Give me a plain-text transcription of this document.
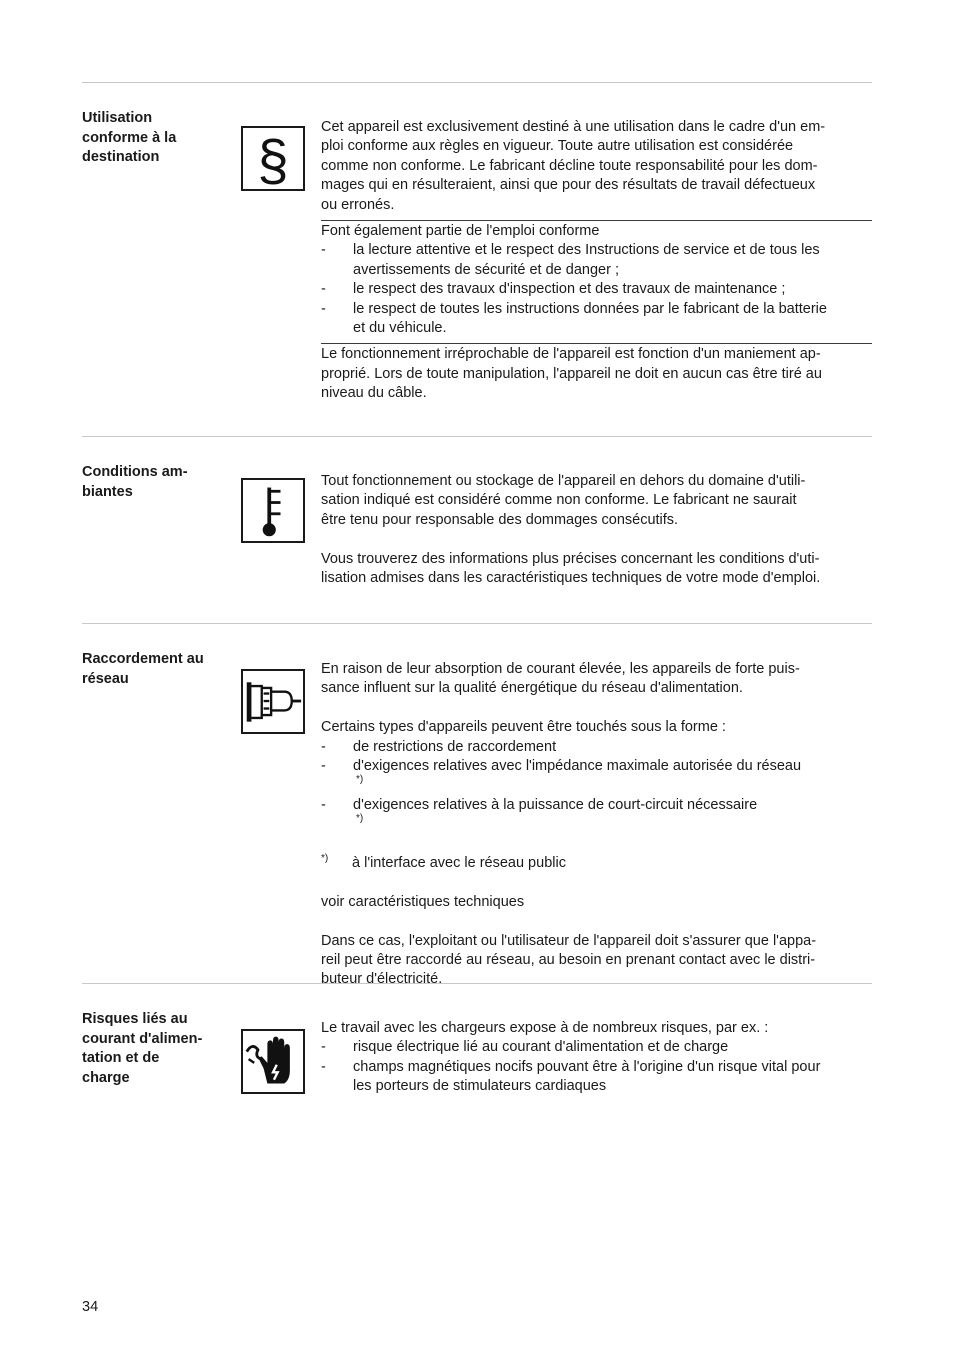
Utilisation
conforme à la
destination	§

Cet appareil est exclusivement destiné à une utilisation dans le cadre d'un em-

ploi conforme aux règles en vigueur. Toute autre utilisation est considérée

comme non conforme. Le fabricant décline toute responsabilité pour les dom-

mages qui en résulteraient, ainsi que pour des résultats de travail défectueux

ou erronés.

Font également partie de l'emploi conforme

- la lecture attentive et le respect des Instructions de service et de tous les
avertissements de sécurité et de danger ;
- le respect des travaux d'inspection et des travaux de maintenance ;
- le respect de toutes les instructions données par le fabricant de la batterie
et du véhicule.

Le fonctionnement irréprochable de l'appareil est fonction d'un maniement ap-

proprié. Lors de toute manipulation, l'appareil ne doit en aucun cas être tiré au

niveau du câble.

Conditions am-
biantes

Tout fonctionnement ou stockage de l'appareil en dehors du domaine d'utili-

sation indiqué est considéré comme non conforme. Le fabricant ne saurait

être tenu pour responsable des dommages consécutifs.

Vous trouverez des informations plus précises concernant les conditions d'uti-

lisation admises dans les caractéristiques techniques de votre mode d'emploi.

Raccordement au
réseau

En raison de leur absorption de courant élevée, les appareils de forte puis-

sance influent sur la qualité énergétique du réseau d'alimentation.

Certains types d'appareils peuvent être touchés sous la forme :

- de restrictions de raccordement
- d'exigences relatives avec l'impédance maximale autorisée du réseau
*)
- d'exigences relatives à la puissance de court-circuit nécessaire
*)
*) à l'interface avec le réseau public

voir caractéristiques techniques

Dans ce cas, l'exploitant ou l'utilisateur de l'appareil doit s'assurer que l'appa-

reil peut être raccordé au réseau, au besoin en prenant contact avec le distri-

buteur d'électricité.

Risques liés au
courant d'alimen-
tation et de
charge

Le travail avec les chargeurs expose à de nombreux risques, par ex. :

- risque électrique lié au courant d'alimentation et de charge
- champs magnétiques nocifs pouvant être à l'origine d'un risque vital pour
les porteurs de stimulateurs cardiaques
34
